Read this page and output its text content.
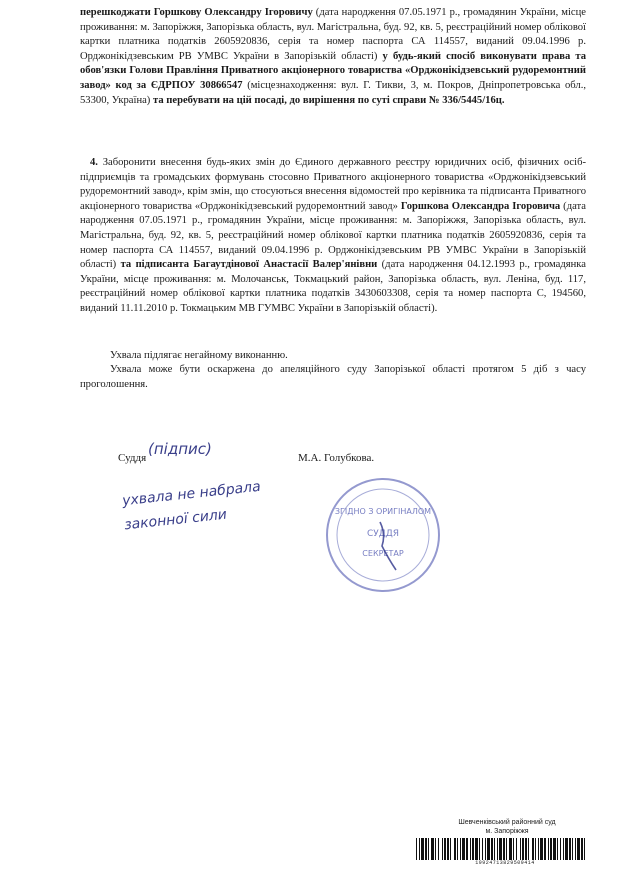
перешкоджати Горшкову Олександру Ігоровичу (дата народження 07.05.1971 р., громадянин України, місце проживання: м. Запоріжжя, Запорізька область, вул. Магістральна, буд. 92, кв. 5, реєстраційний номер облікової картки платника податків 2605920836, серія та номер паспорта СА 114557, виданий 09.04.1996 р. Орджонікідзевським РВ УМВС України в Запорізькій області) у будь-який спосіб виконувати права та обов'язки Голови Правління Приватного акціонерного товариства «Орджонікідзевський рудоремонтний завод» код за ЄДРПОУ 30866547 (місцезнаходження: вул. Г. Тикви, 3, м. Покров, Дніпропетровська обл., 53300, Україна) та перебувати на цій посаді, до вирішення по суті справи № 336/5445/16ц.
4. Заборонити внесення будь-яких змін до Єдиного державного реєстру юридичних осіб, фізичних осіб-підприємців та громадських формувань стосовно Приватного акціонерного товариства «Орджонікідзевський рудоремонтний завод», крім змін, що стосуються внесення відомостей про керівника та підписанта Приватного акціонерного товариства «Орджонікідзевський рудоремонтний завод» Горшкова Олександра Ігоровича (дата народження 07.05.1971 р., громадянин України, місце проживання: м. Запоріжжя, Запорізька область, вул. Магістральна, буд. 92, кв. 5, реєстраційний номер облікової картки платника податків 2605920836, серія та номер паспорта СА 114557, виданий 09.04.1996 р. Орджонікідзевським РВ УМВС України в Запорізькій області) та підписанта Багаутдінової Анастасії Валер'янівни (дата народження 04.12.1993 р., громадянка України, місце проживання: м. Молочанськ, Токмацький район, Запорізька область, вул. Леніна, буд. 117, реєстраційний номер облікової картки платника податків 3430603308, серія та номер паспорта С, 194560, виданий 11.11.2010 р. Токмацьким МВ ГУМВС України в Запорізькій області).
Ухвала підлягає негайному виконанню.
Ухвала може бути оскаржена до апеляційного суду Запорізької області протягом 5 діб з часу проголошення.
Суддя (підпис)	М.А. Голубкова.
ухвала не набрала
законної сили	ЗГІДНО З ОРИГІНАЛОМ
СУДДЯ
СЕКРЕТАР
Шевченківський районний суд
м. Запоріжжя
19924713829509414
